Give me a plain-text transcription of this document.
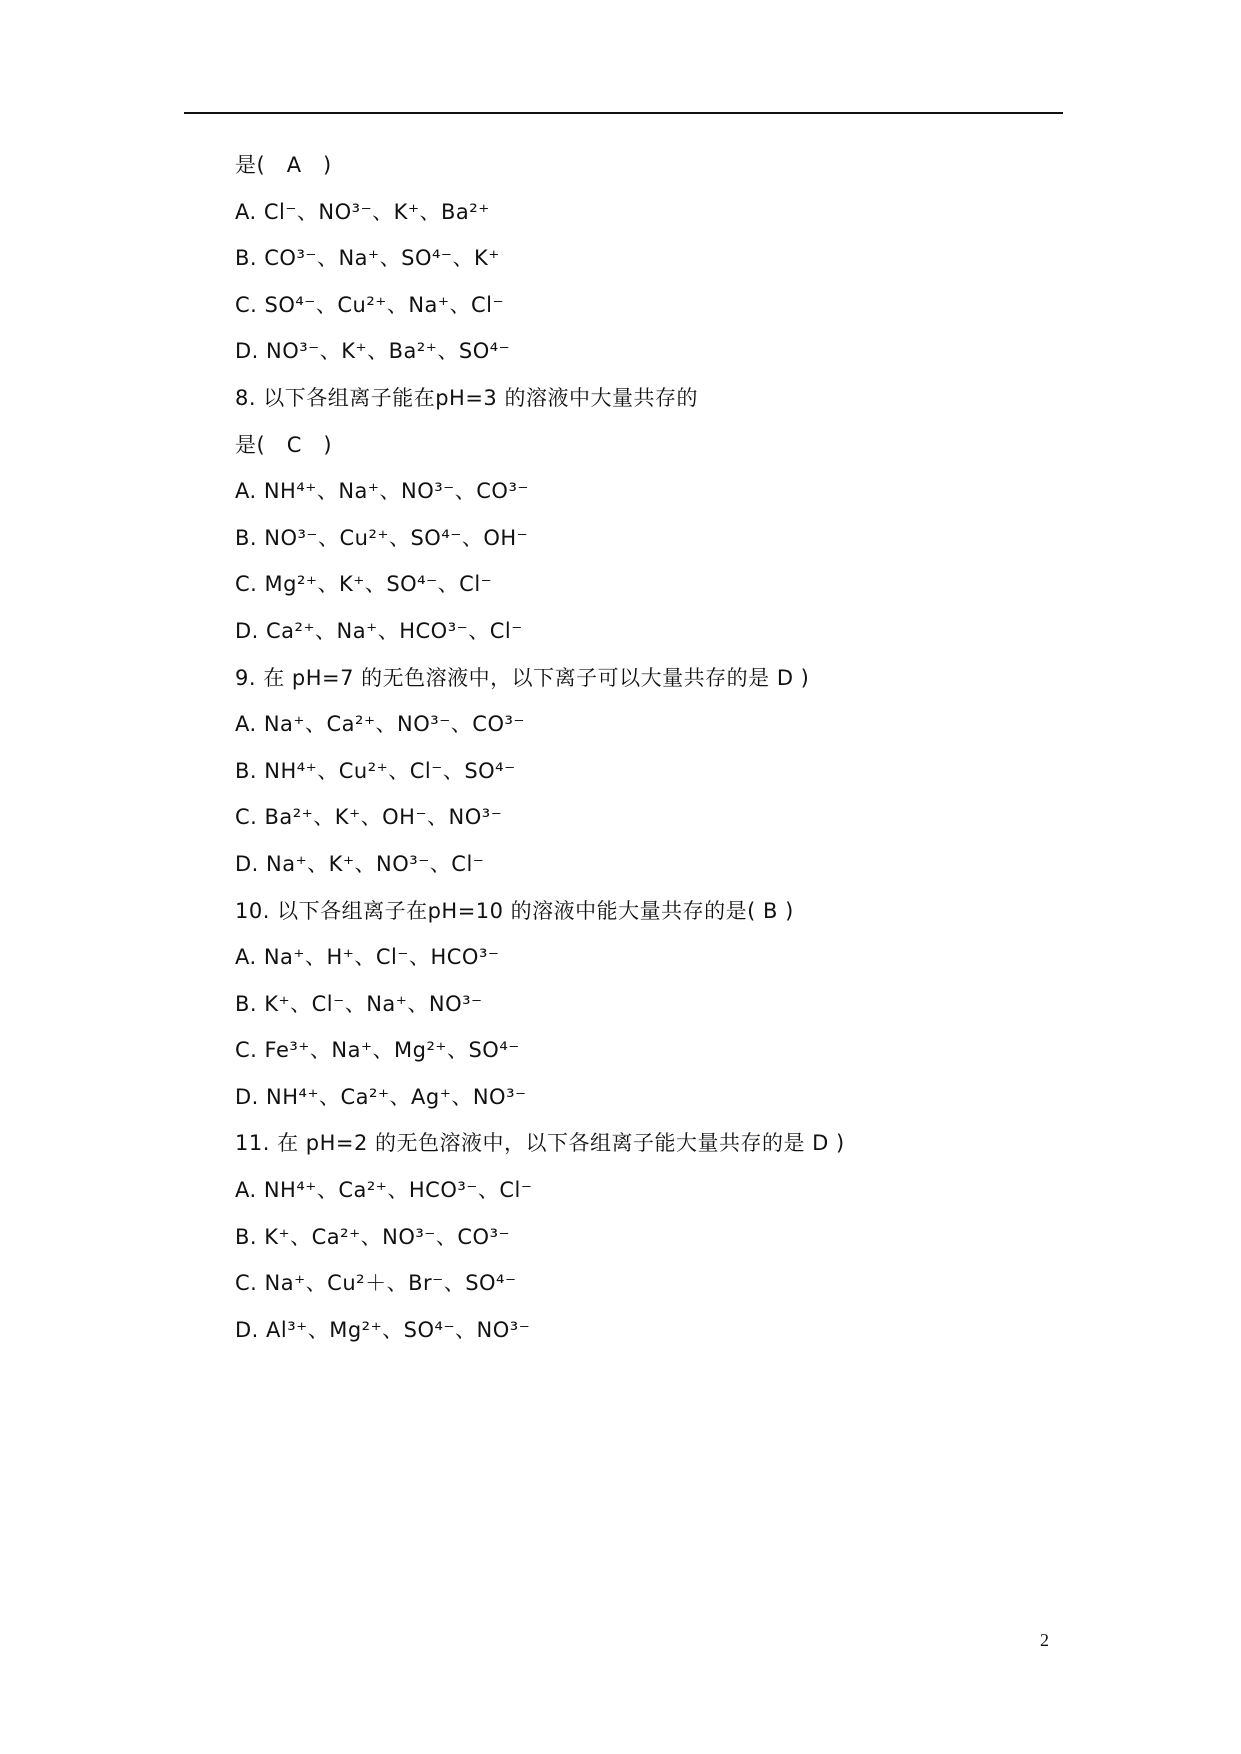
是(　A　)
A. Cl⁻、NO³⁻、K⁺、Ba²⁺
B. CO³⁻、Na⁺、SO⁴⁻、K⁺
C. SO⁴⁻、Cu²⁺、Na⁺、Cl⁻
D. NO³⁻、K⁺、Ba²⁺、SO⁴⁻
8. 以下各组离子能在pH=3 的溶液中大量共存的
是(　C　)
A. NH⁴⁺、Na⁺、NO³⁻、CO³⁻
B. NO³⁻、Cu²⁺、SO⁴⁻、OH⁻
C. Mg²⁺、K⁺、SO⁴⁻、Cl⁻
D. Ca²⁺、Na⁺、HCO³⁻、Cl⁻
9. 在 pH=7 的无色溶液中，以下离子可以大量共存的是 D )
A. Na⁺、Ca²⁺、NO³⁻、CO³⁻
B. NH⁴⁺、Cu²⁺、Cl⁻、SO⁴⁻
C. Ba²⁺、K⁺、OH⁻、NO³⁻
D. Na⁺、K⁺、NO³⁻、Cl⁻
10. 以下各组离子在pH=10 的溶液中能大量共存的是( B )
A. Na⁺、H⁺、Cl⁻、HCO³⁻
B. K⁺、Cl⁻、Na⁺、NO³⁻
C. Fe³⁺、Na⁺、Mg²⁺、SO⁴⁻
D. NH⁴⁺、Ca²⁺、Ag⁺、NO³⁻
11. 在 pH=2 的无色溶液中，以下各组离子能大量共存的是 D )
A. NH⁴⁺、Ca²⁺、HCO³⁻、Cl⁻
B. K⁺、Ca²⁺、NO³⁻、CO³⁻
C. Na⁺、Cu²＋、Br⁻、SO⁴⁻
D. Al³⁺、Mg²⁺、SO⁴⁻、NO³⁻
2
